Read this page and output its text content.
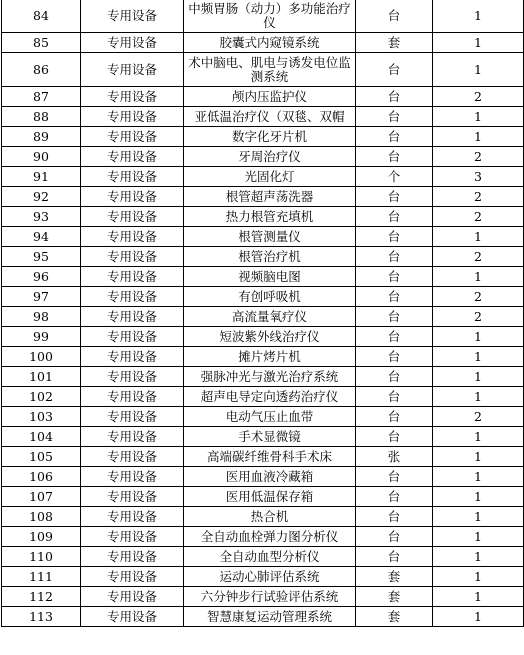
84	专用设备	中频胃肠（动力）多功能治疗仪	台	1
85	专用设备	胶囊式内窥镜系统	套	1
86	专用设备	术中脑电、肌电与诱发电位监测系统	台	1
87	专用设备	颅内压监护仪	台	2
88	专用设备	亚低温治疗仪（双毯、双帽	台	1
89	专用设备	数字化牙片机	台	1
90	专用设备	牙周治疗仪	台	2
91	专用设备	光固化灯	个	3
92	专用设备	根管超声荡洗器	台	2
93	专用设备	热力根管充填机	台	2
94	专用设备	根管测量仪	台	1
95	专用设备	根管治疗机	台	2
96	专用设备	视频脑电图	台	1
97	专用设备	有创呼吸机	台	2
98	专用设备	高流量氧疗仪	台	2
99	专用设备	短波紫外线治疗仪	台	1
100	专用设备	摊片烤片机	台	1
101	专用设备	强脉冲光与激光治疗系统	台	1
102	专用设备	超声电导定向透药治疗仪	台	1
103	专用设备	电动气压止血带	台	2
104	专用设备	手术显微镜	台	1
105	专用设备	高端碳纤维骨科手术床	张	1
106	专用设备	医用血液冷藏箱	台	1
107	专用设备	医用低温保存箱	台	1
108	专用设备	热合机	台	1
109	专用设备	全自动血栓弹力图分析仪	台	1
110	专用设备	全自动血型分析仪	台	1
111	专用设备	运动心肺评估系统	套	1
112	专用设备	六分钟步行试验评估系统	套	1
113	专用设备	智慧康复运动管理系统	套	1
